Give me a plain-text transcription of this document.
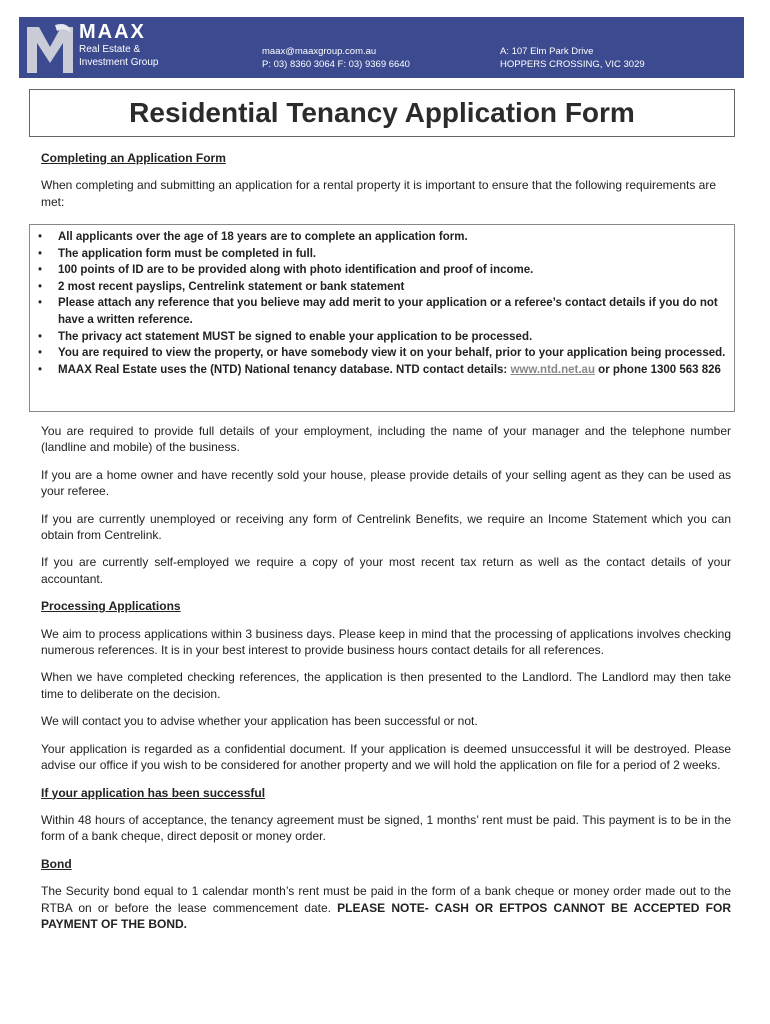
MAAX
Real Estate &
Investment Group
maax@maaxgroup.com.au
P: 03) 8360 3064 F: 03) 9369 6640
A: 107 Elm Park Drive
HOPPERS CROSSING, VIC 3029
Residential Tenancy Application Form
Completing an Application Form

When completing and submitting an application for a rental property it is important to ensure that the following requirements are met:

• All applicants over the age of 18 years are to complete an application form.
• The application form must be completed in full.
• 100 points of ID are to be provided along with photo identification and proof of income.
• 2 most recent payslips, Centrelink statement or bank statement
• Please attach any reference that you believe may add merit to your application or a referee’s contact details if you do not have a written reference.
• The privacy act statement MUST be signed to enable your application to be processed.
• You are required to view the property, or have somebody view it on your behalf, prior to your application being processed.
• MAAX Real Estate uses the (NTD) National tenancy database. NTD contact details: www.ntd.net.au or phone 1300 563 826

You are required to provide full details of your employment, including the name of your manager and the telephone number (landline and mobile) of the business.

If you are a home owner and have recently sold your house, please provide details of your selling agent as they can be used as your referee.

If you are currently unemployed or receiving any form of Centrelink Benefits, we require an Income Statement which you can obtain from Centrelink.

If you are currently self-employed we require a copy of your most recent tax return as well as the contact details of your accountant.

Processing Applications

We aim to process applications within 3 business days. Please keep in mind that the processing of applications involves checking numerous references. It is in your best interest to provide business hours contact details for all references.

When we have completed checking references, the application is then presented to the Landlord. The Landlord may then take time to deliberate on the decision.

We will contact you to advise whether your application has been successful or not.

Your application is regarded as a confidential document. If your application is deemed unsuccessful it will be destroyed. Please advise our office if you wish to be considered for another property and we will hold the application on file for a period of 2 weeks.

If your application has been successful

Within 48 hours of acceptance, the tenancy agreement must be signed, 1 months’ rent must be paid. This payment is to be in the form of a bank cheque, direct deposit or money order.

Bond

The Security bond equal to 1 calendar month’s rent must be paid in the form of a bank cheque or money order made out to the RTBA on or before the lease commencement date. PLEASE NOTE- CASH OR EFTPOS CANNOT BE ACCEPTED FOR PAYMENT OF THE BOND.
